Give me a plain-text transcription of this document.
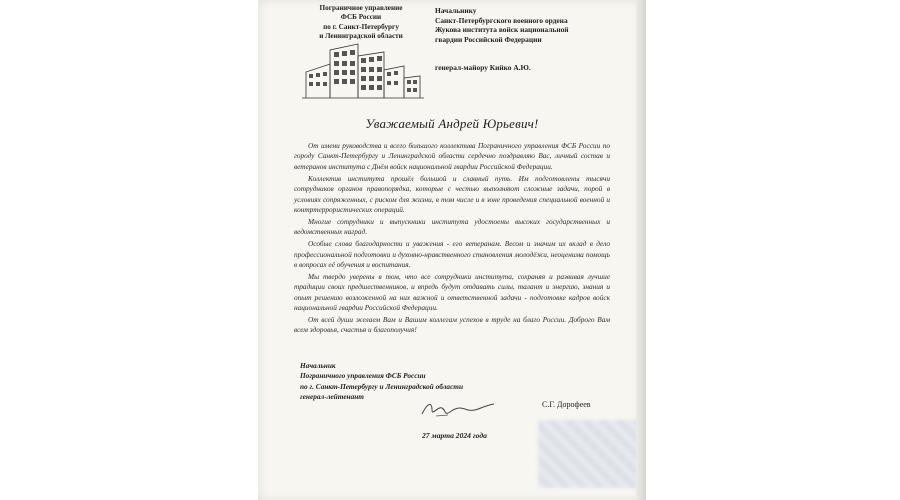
Пограничное управление
ФСБ России
по г. Санкт-Петербургу
и Ленинградской области
Начальнику
Санкт-Петербургского военного ордена
Жукова института войск национальной
гвардии Российской Федерации
генерал-майору Кийко А.Ю.
Уважаемый Андрей Юрьевич!

От имени руководства и всего большого коллектива Пограничного управления ФСБ России по городу Санкт-Петербургу и Ленинградской области сердечно поздравляю Вас, личный состав и ветеранов института с Днём войск национальной гвардии Российской Федерации.

Коллектив института прошёл большой и славный путь. Им подготовлены тысячи сотрудников органов правопорядка, которые с честью выполняют сложные задачи, порой в условиях сопряженных, с риском для жизни, в том числе и в зоне проведения специальной военной и контртеррористических операций.

Многие сотрудники и выпускники института удостоены высоких государственных и ведомственных наград.

Особые слова благодарности и уважения - его ветеранам. Весом и значим их вклад в дело профессиональной подготовки и духовно-нравственного становления молодёжи, неоценима помощь в вопросах её обучения и воспитания.

Мы твердо уверены в том, что все сотрудники института, сохраняя и развивая лучшие традиции своих предшественников, и впредь будут отдавать силы, талант и энергию, знания и опыт решению возложенной на них важной и ответственной задачи - подготовке кадров войск национальной гвардии Российской Федерации.

От всей души желаем Вам и Вашим коллегам успехов в труде на благо России. Доброго Вам всем здоровья, счастья и благополучия!

Начальник
Пограничного управления ФСБ России
по г. Санкт-Петербургу и Ленинградской области
генерал-лейтенант
С.Г. Дорофеев
27 марта 2024 года
